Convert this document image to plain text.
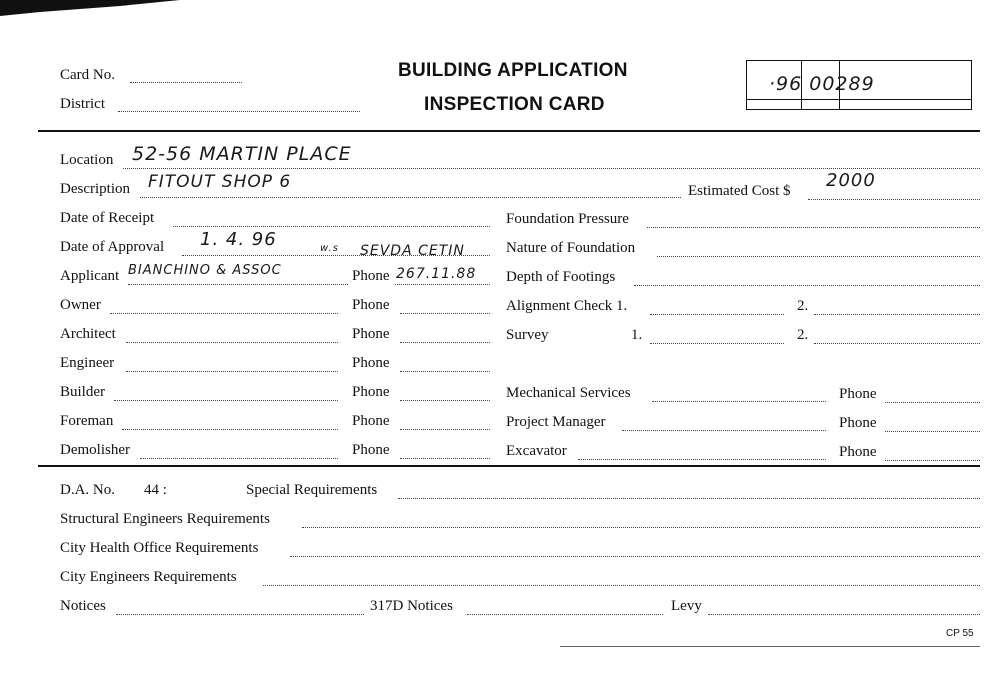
Card No.
District
BUILDING APPLICATION
INSPECTION CARD
·96 00289
Location 52-56 MARTIN PLACE
Description FITOUT SHOP 6
Date of Receipt
Date of Approval 1. 4. 96	w.s SEVDA CETIN
Applicant BIANCHINO & ASSOC	Phone 267.11.88
Owner	Phone
Architect	Phone
Engineer	Phone
Builder	Phone
Foreman	Phone
Demolisher	Phone
Estimated Cost $ 2000
Foundation Pressure
Nature of Foundation
Depth of Footings
Alignment Check 1.	2.
Survey	1.	2.
Mechanical Services	Phone
Project Manager	Phone
Excavator	Phone
D.A. No. 44 :	Special Requirements
Structural Engineers Requirements
City Health Office Requirements
City Engineers Requirements
Notices	317D Notices	Levy
CP 55
